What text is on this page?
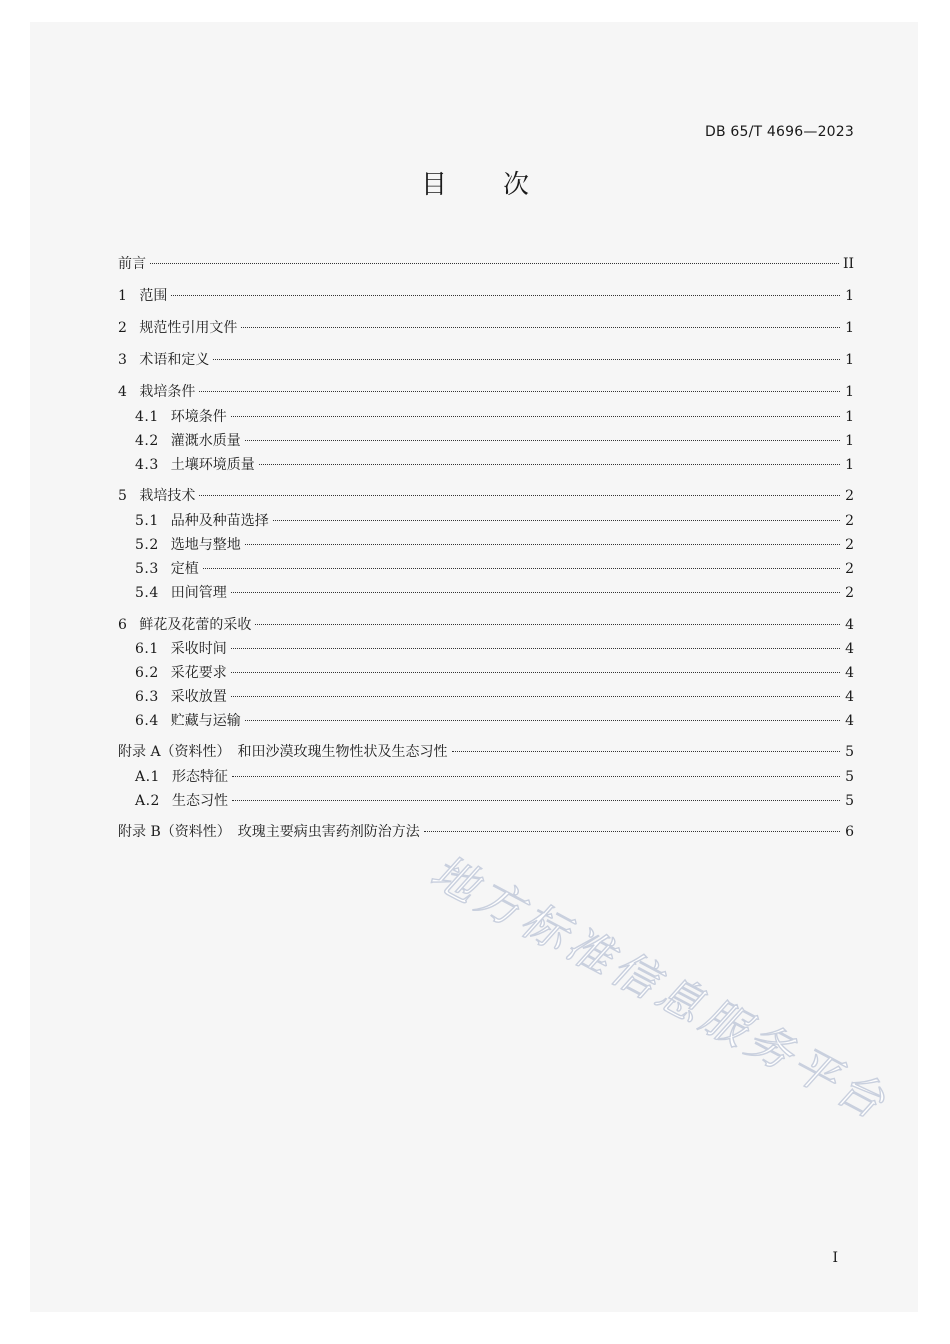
DB 65/T 4696—2023
目 次
前言	II
1 范围	1
2 规范性引用文件	1
3 术语和定义	1
4 栽培条件	1
4.1 环境条件	1
4.2 灌溉水质量	1
4.3 土壤环境质量	1
5 栽培技术	2
5.1 品种及种苗选择	2
5.2 选地与整地	2
5.3 定植	2
5.4 田间管理	2
6 鲜花及花蕾的采收	4
6.1 采收时间	4
6.2 采花要求	4
6.3 采收放置	4
6.4 贮藏与运输	4
附录 A（资料性）　和田沙漠玫瑰生物性状及生态习性	5
A.1 形态特征	5
A.2 生态习性	5
附录 B（资料性）　玫瑰主要病虫害药剂防治方法	6
地方标准信息服务平台
I
